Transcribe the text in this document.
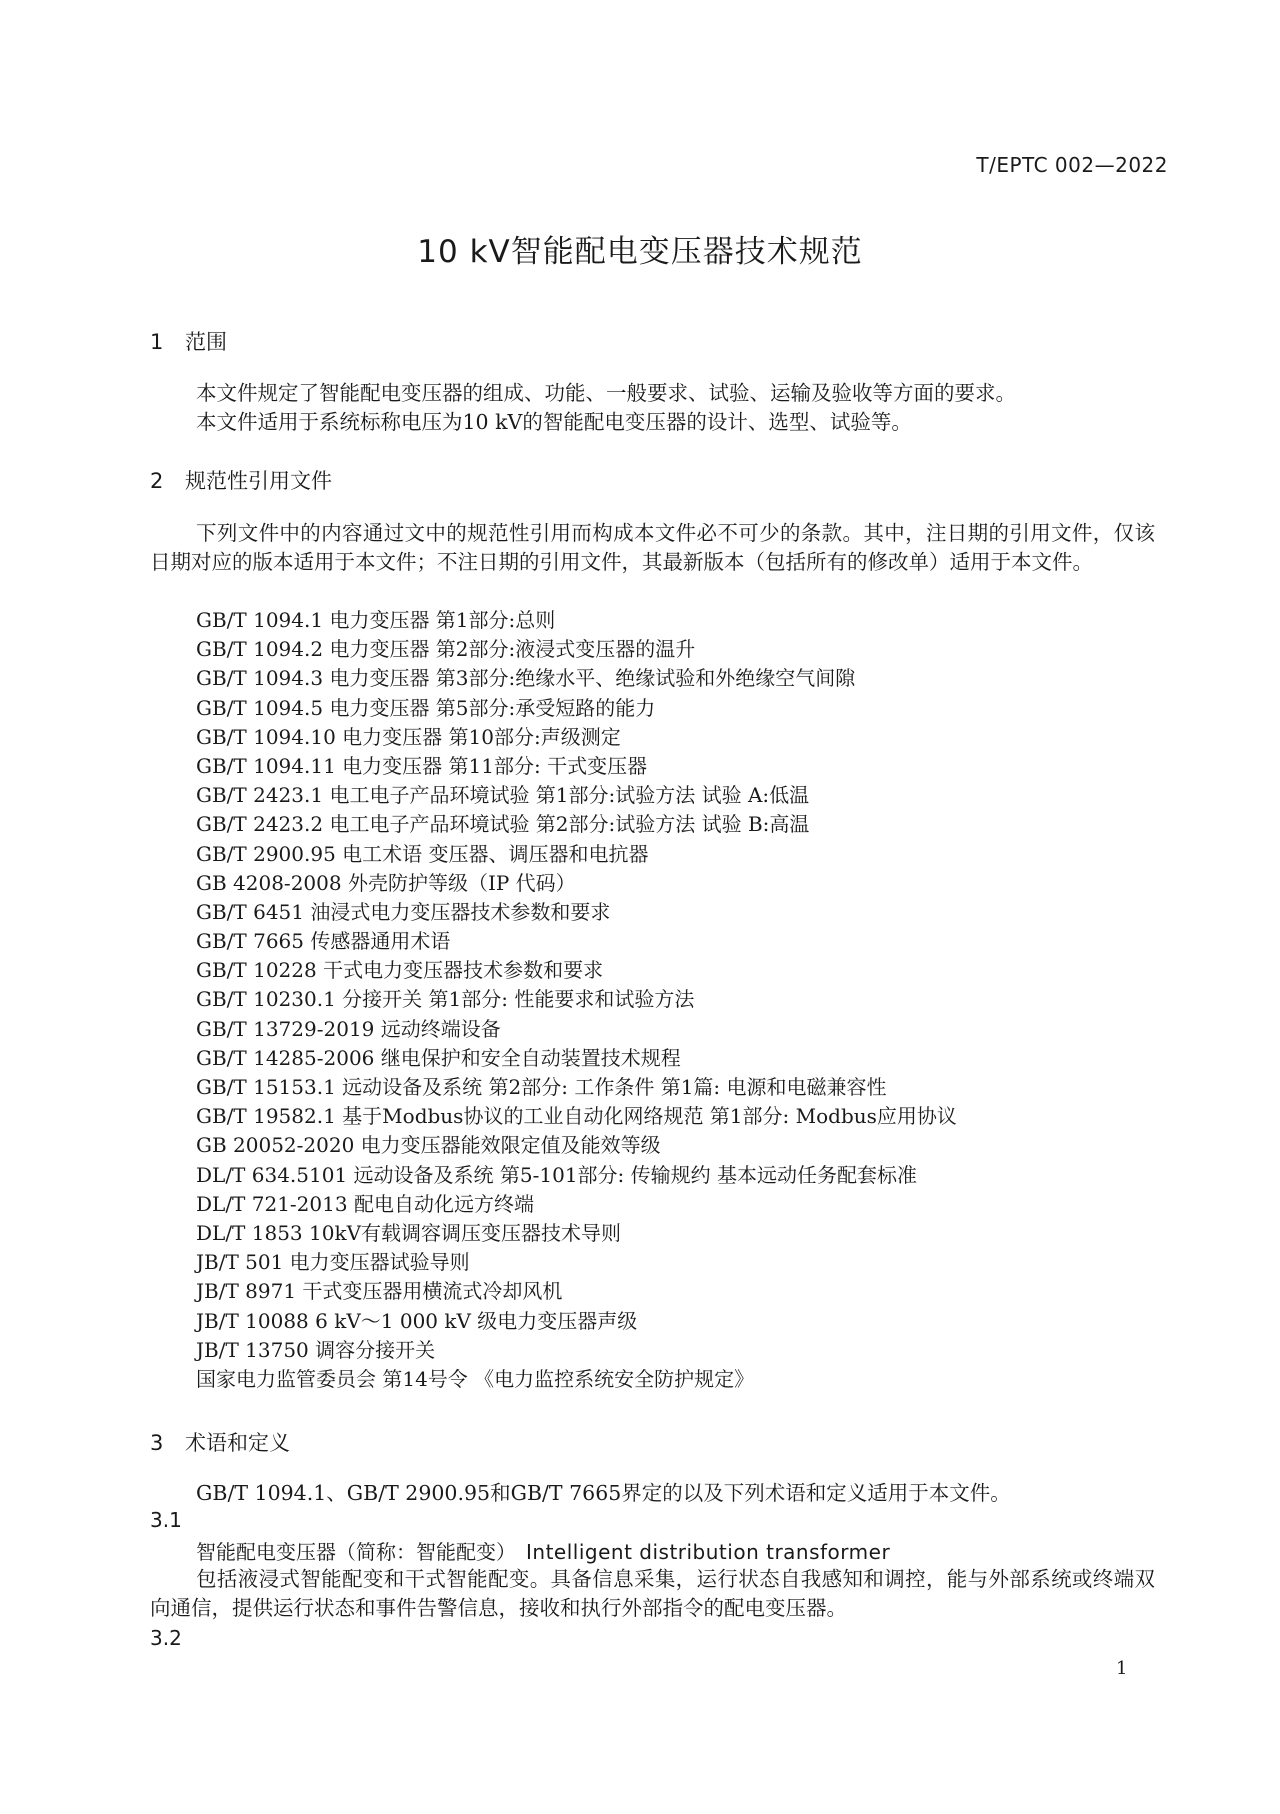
T/EPTC 002—2022
10 kV智能配电变压器技术规范
1 范围
本文件规定了智能配电变压器的组成、功能、一般要求、试验、运输及验收等方面的要求。
本文件适用于系统标称电压为10 kV的智能配电变压器的设计、选型、试验等。
2 规范性引用文件
下列文件中的内容通过文中的规范性引用而构成本文件必不可少的条款。其中，注日期的引用文件，仅该日期对应的版本适用于本文件；不注日期的引用文件，其最新版本（包括所有的修改单）适用于本文件。
GB/T 1094.1 电力变压器 第1部分:总则
GB/T 1094.2 电力变压器 第2部分:液浸式变压器的温升
GB/T 1094.3 电力变压器 第3部分:绝缘水平、绝缘试验和外绝缘空气间隙
GB/T 1094.5 电力变压器 第5部分:承受短路的能力
GB/T 1094.10 电力变压器 第10部分:声级测定
GB/T 1094.11 电力变压器 第11部分: 干式变压器
GB/T 2423.1 电工电子产品环境试验 第1部分:试验方法 试验 A:低温
GB/T 2423.2 电工电子产品环境试验 第2部分:试验方法 试验 B:高温
GB/T 2900.95 电工术语 变压器、调压器和电抗器
GB 4208-2008 外壳防护等级（IP 代码）
GB/T 6451 油浸式电力变压器技术参数和要求
GB/T 7665 传感器通用术语
GB/T 10228 干式电力变压器技术参数和要求
GB/T 10230.1 分接开关 第1部分: 性能要求和试验方法
GB/T 13729-2019 远动终端设备
GB/T 14285-2006 继电保护和安全自动装置技术规程
GB/T 15153.1 远动设备及系统 第2部分: 工作条件 第1篇: 电源和电磁兼容性
GB/T 19582.1 基于Modbus协议的工业自动化网络规范 第1部分: Modbus应用协议
GB 20052-2020 电力变压器能效限定值及能效等级
DL/T 634.5101 远动设备及系统 第5-101部分: 传输规约 基本远动任务配套标准
DL/T 721-2013 配电自动化远方终端
DL/T 1853 10kV有载调容调压变压器技术导则
JB/T 501 电力变压器试验导则
JB/T 8971 干式变压器用横流式冷却风机
JB/T 10088 6 kV～1 000 kV 级电力变压器声级
JB/T 13750 调容分接开关
国家电力监管委员会 第14号令 《电力监控系统安全防护规定》
3 术语和定义
GB/T 1094.1、GB/T 2900.95和GB/T 7665界定的以及下列术语和定义适用于本文件。
3.1
智能配电变压器（简称：智能配变） Intelligent distribution transformer
包括液浸式智能配变和干式智能配变。具备信息采集，运行状态自我感知和调控，能与外部系统或终端双向通信，提供运行状态和事件告警信息，接收和执行外部指令的配电变压器。
3.2
1
